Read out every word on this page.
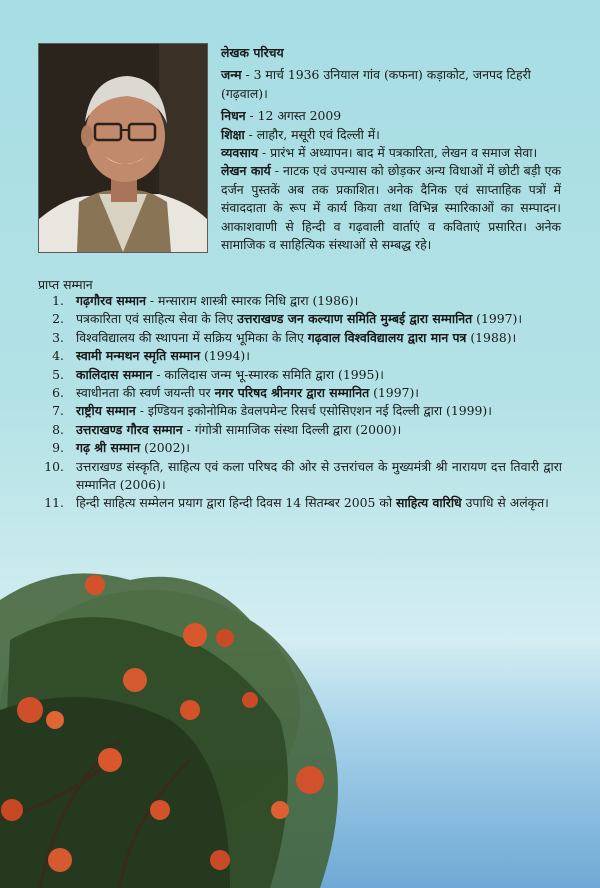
लेखक परिचय

जन्म - 3 मार्च 1936 उनियाल गांव (कफना) कड़ाकोट, जनपद टिहरी (गढ़वाल)।

निधन - 12 अगस्त 2009

शिक्षा - लाहौर, मसूरी एवं दिल्ली में।

व्यवसाय - प्रारंभ में अध्यापन। बाद में पत्रकारिता, लेखन व समाज सेवा।

लेखन कार्य - नाटक एवं उपन्यास को छोड़कर अन्य विधाओं में छोटी बड़ी एक दर्जन पुस्तकें अब तक प्रकाशित। अनेक दैनिक एवं साप्ताहिक पत्रों में संवाददाता के रूप में कार्य किया तथा विभिन्न स्मारिकाओं का सम्पादन। आकाशवाणी से हिन्दी व गढ़वाली वार्ताएं व कविताएं प्रसारित। अनेक सामाजिक व साहित्यिक संस्थाओं से सम्बद्ध रहे।

प्राप्त सम्मान

1. गढ़गौरव सम्मान - मन्साराम शास्त्री स्मारक निधि द्वारा (1986)।
2. पत्रकारिता एवं साहित्य सेवा के लिए उत्तराखण्ड जन कल्याण समिति मुम्बई द्वारा सम्मानित (1997)।
3. विश्वविद्यालय की स्थापना में सक्रिय भूमिका के लिए गढ़वाल विश्वविद्यालय द्वारा मान पत्र (1988)।
4. स्वामी मन्मथन स्मृति सम्मान (1994)।
5. कालिदास सम्मान - कालिदास जन्म भू-स्मारक समिति द्वारा (1995)।
6. स्वाधीनता की स्वर्ण जयन्ती पर नगर परिषद श्रीनगर द्वारा सम्मानित (1997)।
7. राष्ट्रीय सम्मान - इण्डियन इकोनोमिक डेवलपमेन्ट रिसर्च एसोसिएशन नई दिल्ली द्वारा (1999)।
8. उत्तराखण्ड गौरव सम्मान - गंगोत्री सामाजिक संस्था दिल्ली द्वारा (2000)।
9. गढ़ श्री सम्मान (2002)।
10. उत्तराखण्ड संस्कृति, साहित्य एवं कला परिषद की ओर से उत्तरांचल के मुख्यमंत्री श्री नारायण दत्त तिवारी द्वारा सम्मानित (2006)।
11. हिन्दी साहित्य सम्मेलन प्रयाग द्वारा हिन्दी दिवस 14 सितम्बर 2005 को साहित्य वारिधि उपाधि से अलंकृत।
